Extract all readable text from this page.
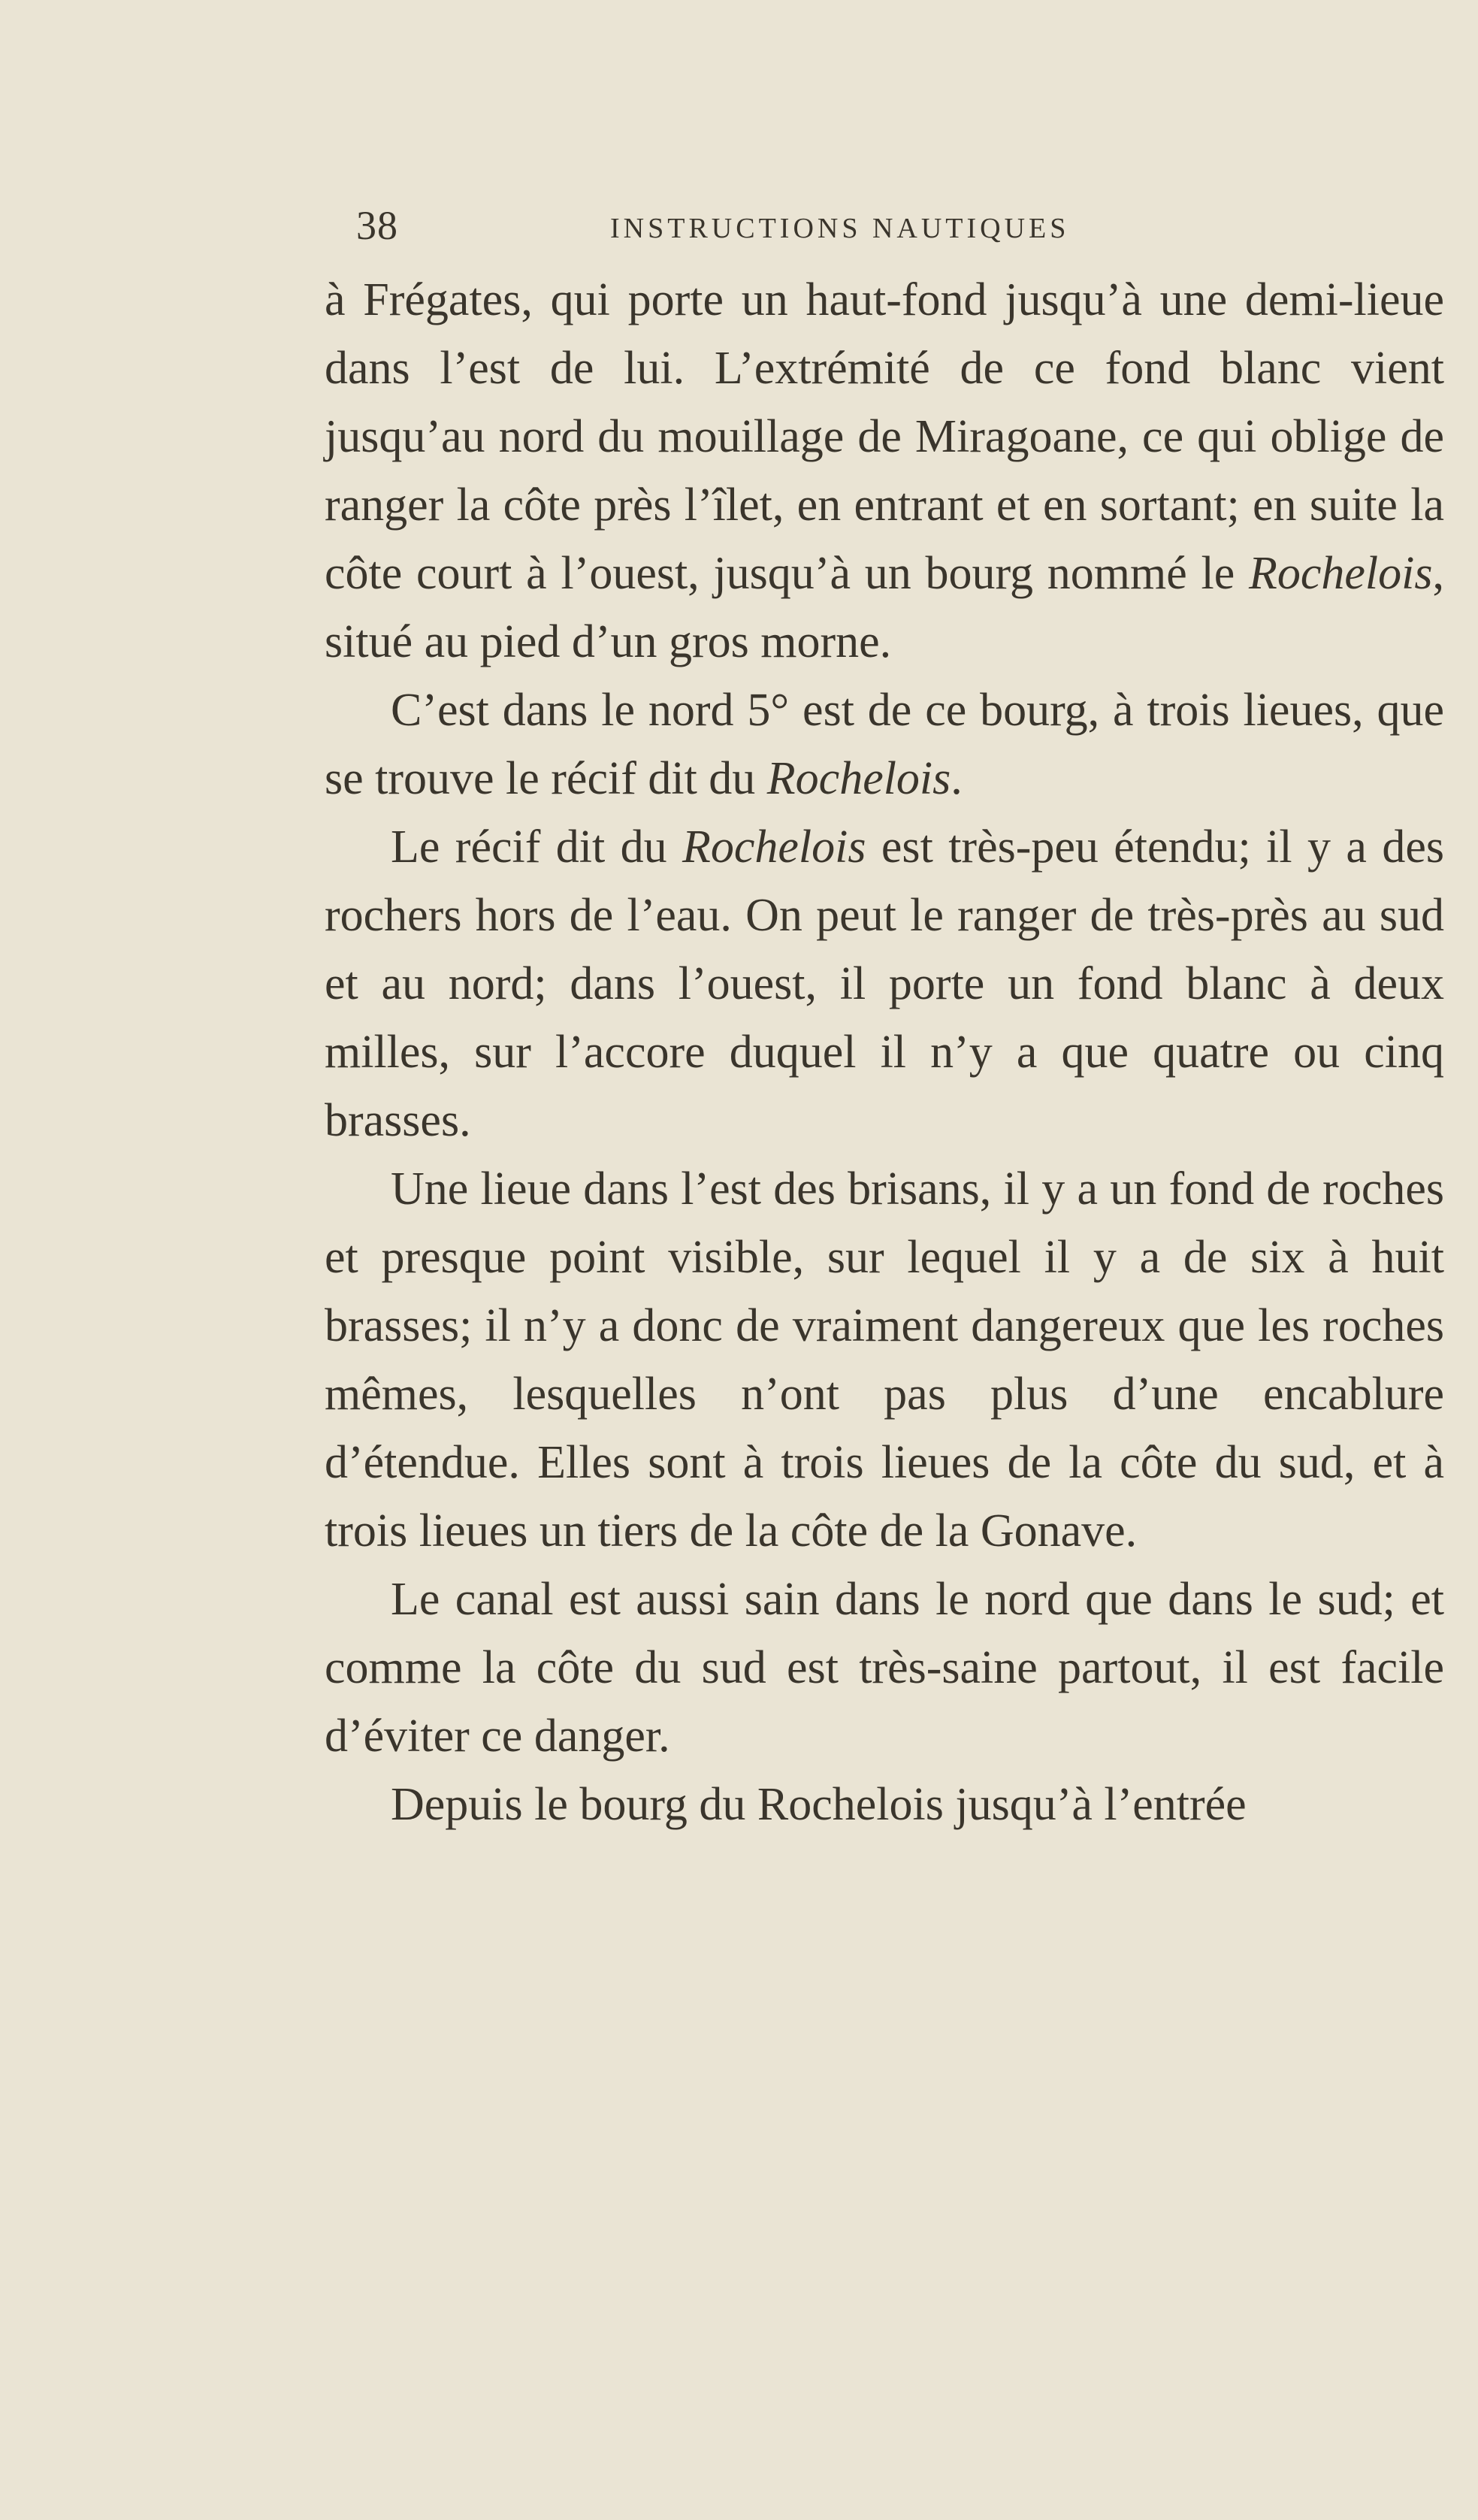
38	INSTRUCTIONS NAUTIQUES

à Frégates, qui porte un haut-fond jusqu’à une demi-lieue dans l’est de lui. L’extrémité de ce fond blanc vient jusqu’au nord du mouillage de Miragoane, ce qui oblige de ranger la côte près l’îlet, en entrant et en sortant; en suite la côte court à l’ouest, jusqu’à un bourg nommé le Rochelois, situé au pied d’un gros morne.

C’est dans le nord 5° est de ce bourg, à trois lieues, que se trouve le récif dit du Rochelois.

Le récif dit du Rochelois est très-peu étendu; il y a des rochers hors de l’eau. On peut le ranger de très-près au sud et au nord; dans l’ouest, il porte un fond blanc à deux milles, sur l’accore duquel il n’y a que quatre ou cinq brasses.

Une lieue dans l’est des brisans, il y a un fond de roches et presque point visible, sur lequel il y a de six à huit brasses; il n’y a donc de vraiment dangereux que les roches mêmes, lesquelles n’ont pas plus d’une encablure d’étendue. Elles sont à trois lieues de la côte du sud, et à trois lieues un tiers de la côte de la Gonave.

Le canal est aussi sain dans le nord que dans le sud; et comme la côte du sud est très-saine partout, il est facile d’éviter ce danger.

Depuis le bourg du Rochelois jusqu’à l’entrée
